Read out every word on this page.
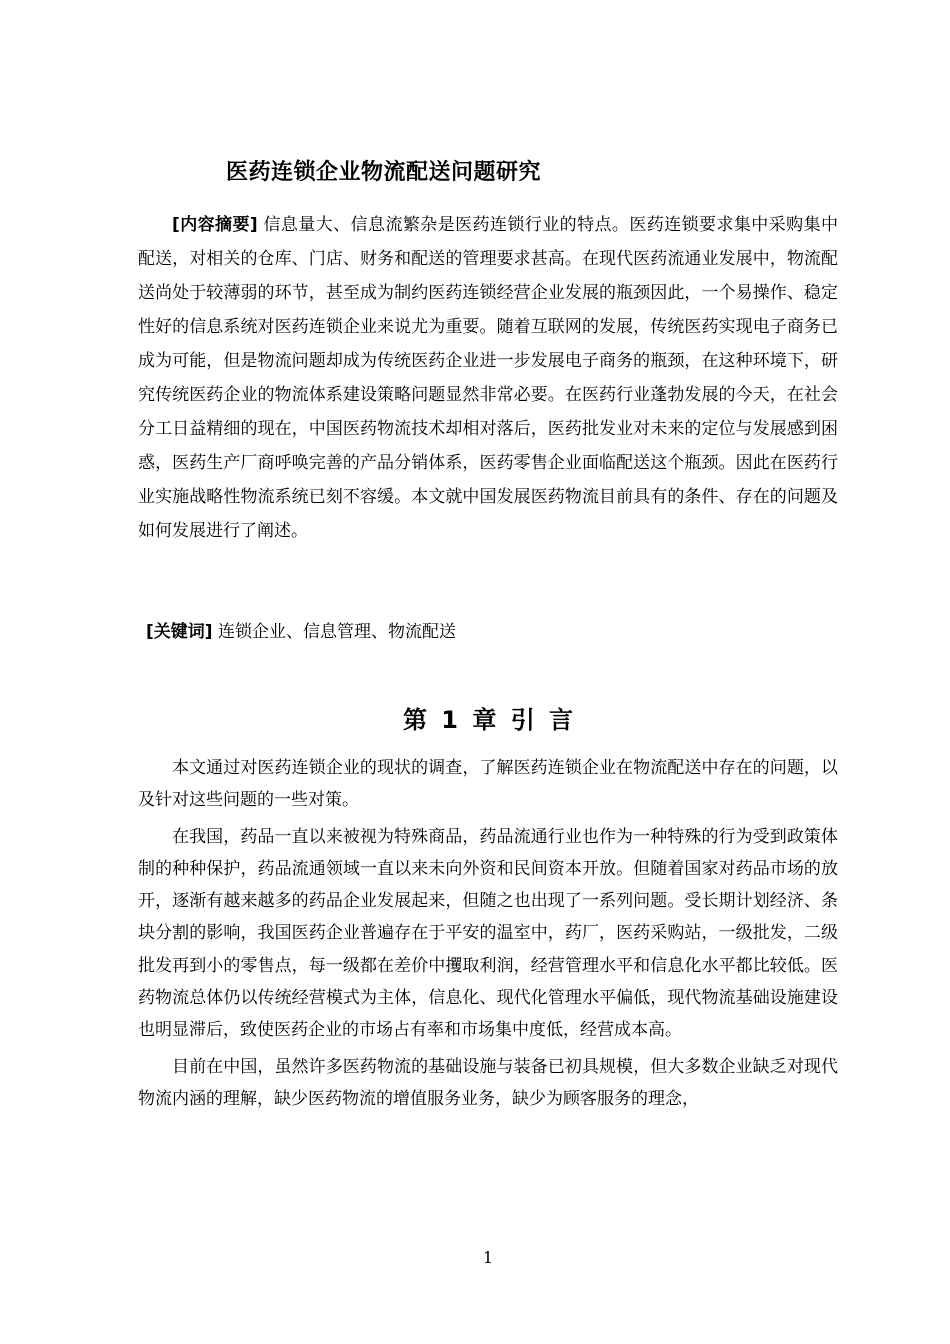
医药连锁企业物流配送问题研究
[内容摘要] 信息量大、信息流繁杂是医药连锁行业的特点。医药连锁要求集中采购集中配送，对相关的仓库、门店、财务和配送的管理要求甚高。在现代医药流通业发展中，物流配送尚处于较薄弱的环节，甚至成为制约医药连锁经营企业发展的瓶颈因此，一个易操作、稳定性好的信息系统对医药连锁企业来说尤为重要。随着互联网的发展，传统医药实现电子商务已成为可能，但是物流问题却成为传统医药企业进一步发展电子商务的瓶颈，在这种环境下，研究传统医药企业的物流体系建设策略问题显然非常必要。在医药行业蓬勃发展的今天，在社会分工日益精细的现在，中国医药物流技术却相对落后，医药批发业对未来的定位与发展感到困惑，医药生产厂商呼唤完善的产品分销体系，医药零售企业面临配送这个瓶颈。因此在医药行业实施战略性物流系统已刻不容缓。本文就中国发展医药物流目前具有的条件、存在的问题及如何发展进行了阐述。
[关键词] 连锁企业、信息管理、物流配送
第 1 章 引 言

本文通过对医药连锁企业的现状的调查，了解医药连锁企业在物流配送中存在的问题，以及针对这些问题的一些对策。

在我国，药品一直以来被视为特殊商品，药品流通行业也作为一种特殊的行为受到政策体制的种种保护，药品流通领域一直以来未向外资和民间资本开放。但随着国家对药品市场的放开，逐渐有越来越多的药品企业发展起来，但随之也出现了一系列问题。受长期计划经济、条块分割的影响，我国医药企业普遍存在于平安的温室中，药厂，医药采购站，一级批发，二级批发再到小的零售点，每一级都在差价中攫取利润，经营管理水平和信息化水平都比较低。医药物流总体仍以传统经营模式为主体，信息化、现代化管理水平偏低，现代物流基础设施建设也明显滞后，致使医药企业的市场占有率和市场集中度低，经营成本高。

目前在中国，虽然许多医药物流的基础设施与装备已初具规模，但大多数企业缺乏对现代物流内涵的理解，缺少医药物流的增值服务业务，缺少为顾客服务的理念，

1
